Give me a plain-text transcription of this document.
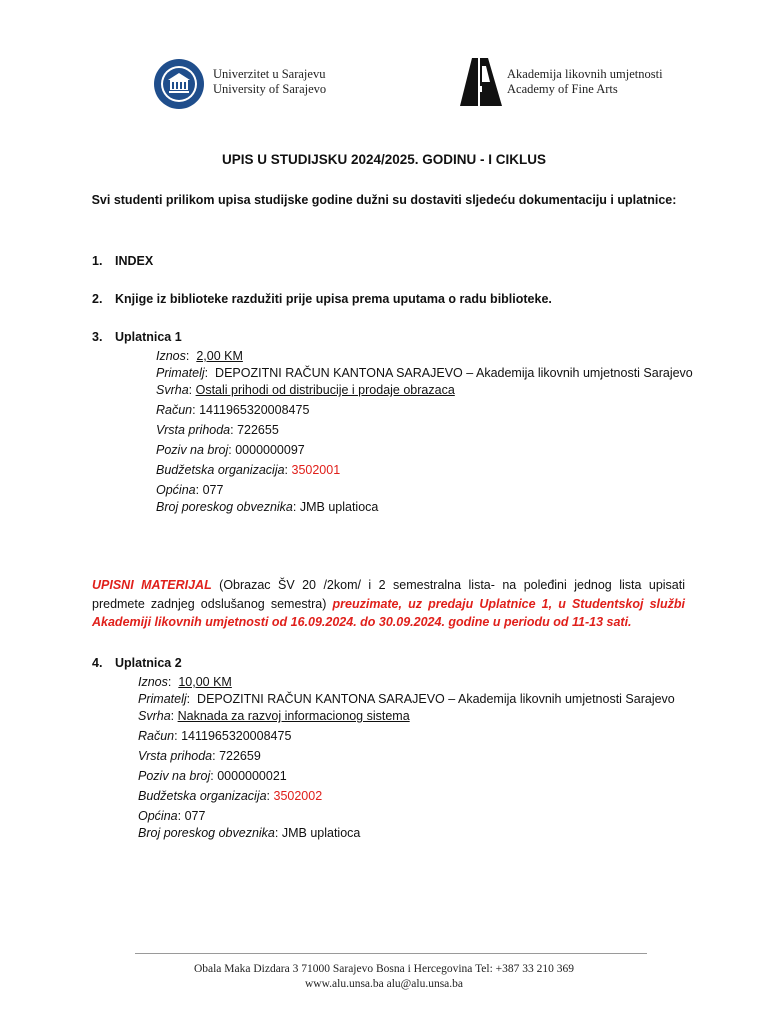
Univerzitet u Sarajevu
University of Sarajevo
Akademija likovnih umjetnosti
Academy of Fine Arts
UPIS U STUDIJSKU 2024/2025. GODINU - I CIKLUS
Svi studenti prilikom upisa studijske godine dužni su dostaviti sljedeću dokumentaciju i uplatnice:
1. INDEX
2. Knjige iz biblioteke razdužiti prije upisa prema uputama o radu biblioteke.
3. Uplatnica 1
Iznos:  2,00 KM
Primatelj:  DEPOZITNI RAČUN KANTONA SARAJEVO – Akademija likovnih umjetnosti Sarajevo
Svrha: Ostali prihodi od distribucije i prodaje obrazaca
Račun: 1411965320008475
Vrsta prihoda: 722655
Poziv na broj: 0000000097
Budžetska organizacija: 3502001
Općina: 077
Broj poreskog obveznika: JMB uplatioca
UPISNI MATERIJAL (Obrazac ŠV 20 /2kom/ i 2 semestralna lista- na poleđini jednog lista upisati predmete zadnjeg odslušanog semestra) preuzimate, uz predaju Uplatnice 1, u Studentskoj službi Akademiji likovnih umjetnosti od 16.09.2024. do 30.09.2024. godine u periodu od 11-13 sati.
4. Uplatnica 2
Iznos:  10,00 KM
Primatelj:  DEPOZITNI RAČUN KANTONA SARAJEVO – Akademija likovnih umjetnosti Sarajevo
Svrha: Naknada za razvoj informacionog sistema
Račun: 1411965320008475
Vrsta prihoda: 722659
Poziv na broj: 0000000021
Budžetska organizacija: 3502002
Općina: 077
Broj poreskog obveznika: JMB uplatioca
Obala Maka Dizdara 3 71000 Sarajevo Bosna i Hercegovina Tel: +387 33 210 369
www.alu.unsa.ba alu@alu.unsa.ba
